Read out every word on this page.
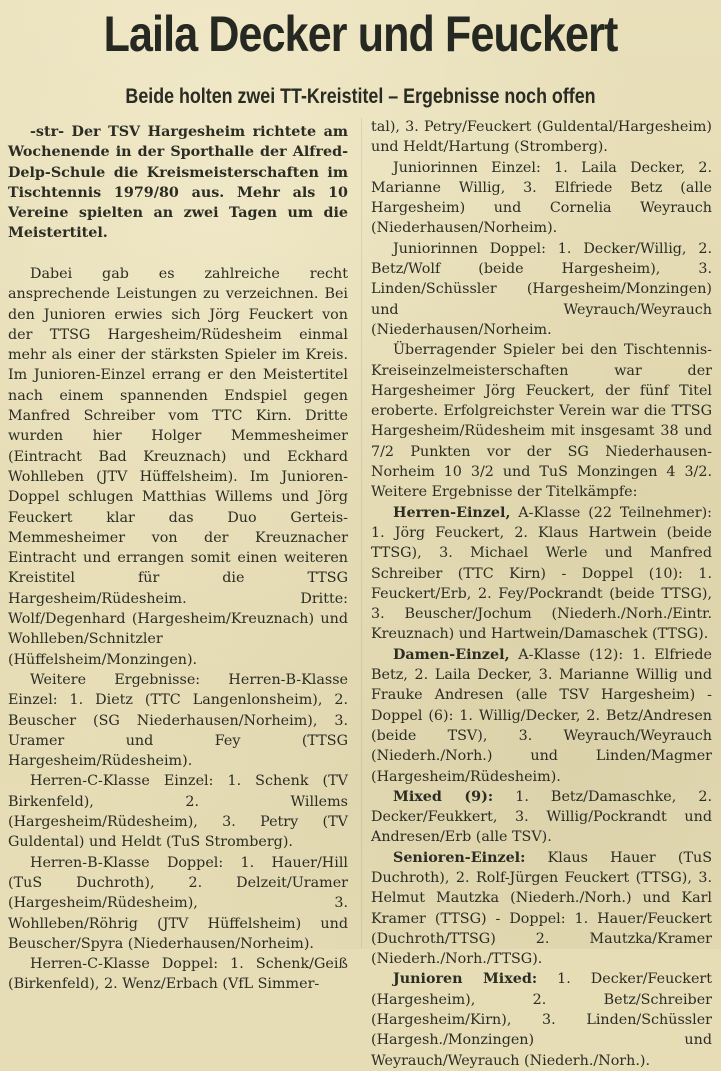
Laila Decker und Feuckert
Beide holten zwei TT-Kreistitel – Ergebnisse noch offen

-str- Der TSV Hargesheim richtete am Wochenende in der Sporthalle der Alfred-Delp-Schule die Kreismeisterschaften im Tischtennis 1979/80 aus. Mehr als 10 Vereine spielten an zwei Tagen um die Meistertitel.

Dabei gab es zahlreiche recht ansprechende Leistungen zu verzeichnen. Bei den Junioren erwies sich Jörg Feuckert von der TTSG Hargesheim/Rüdesheim einmal mehr als einer der stärksten Spieler im Kreis. Im Junioren-Einzel errang er den Meistertitel nach einem spannenden Endspiel gegen Manfred Schreiber vom TTC Kirn. Dritte wurden hier Holger Memmesheimer (Eintracht Bad Kreuznach) und Eckhard Wohlleben (JTV Hüffelsheim). Im Junioren-Doppel schlugen Matthias Willems und Jörg Feuckert klar das Duo Gerteis-Memmesheimer von der Kreuznacher Eintracht und errangen somit einen weiteren Kreistitel für die TTSG Hargesheim/Rüdesheim. Dritte: Wolf/Degenhard (Hargesheim/Kreuznach) und Wohlleben/Schnitzler (Hüffelsheim/Monzingen).

Weitere Ergebnisse: Herren-B-Klasse Einzel: 1. Dietz (TTC Langenlonsheim), 2. Beuscher (SG Niederhausen/Norheim), 3. Uramer und Fey (TTSG Hargesheim/Rüdesheim).

Herren-C-Klasse Einzel: 1. Schenk (TV Birkenfeld), 2. Willems (Hargesheim/Rüdesheim), 3. Petry (TV Guldental) und Heldt (TuS Stromberg).

Herren-B-Klasse Doppel: 1. Hauer/Hill (TuS Duchroth), 2. Delzeit/Uramer (Hargesheim/Rüdesheim), 3. Wohlleben/Röhrig (JTV Hüffelsheim) und Beuscher/Spyra (Niederhausen/Norheim).

Herren-C-Klasse Doppel: 1. Schenk/Geiß (Birkenfeld), 2. Wenz/Erbach (VfL Simmer-

tal), 3. Petry/Feuckert (Guldental/Hargesheim) und Heldt/Hartung (Stromberg).

Juniorinnen Einzel: 1. Laila Decker, 2. Marianne Willig, 3. Elfriede Betz (alle Hargesheim) und Cornelia Weyrauch (Niederhausen/Norheim).

Juniorinnen Doppel: 1. Decker/Willig, 2. Betz/Wolf (beide Hargesheim), 3. Linden/Schüssler (Hargesheim/Monzingen) und Weyrauch/Weyrauch (Niederhausen/Norheim.

Überragender Spieler bei den Tischtennis-Kreiseinzelmeisterschaften war der Hargesheimer Jörg Feuckert, der fünf Titel eroberte. Erfolgreichster Verein war die TTSG Hargesheim/Rüdesheim mit insgesamt 38 und 7/2 Punkten vor der SG Niederhausen-Norheim 10 3/2 und TuS Monzingen 4 3/2. Weitere Ergebnisse der Titelkämpfe:

Herren-Einzel, A-Klasse (22 Teilnehmer): 1. Jörg Feuckert, 2. Klaus Hartwein (beide TTSG), 3. Michael Werle und Manfred Schreiber (TTC Kirn) - Doppel (10): 1. Feuckert/Erb, 2. Fey/Pockrandt (beide TTSG), 3. Beuscher/Jochum (Niederh./Norh./Eintr. Kreuznach) und Hartwein/Damaschek (TTSG).

Damen-Einzel, A-Klasse (12): 1. Elfriede Betz, 2. Laila Decker, 3. Marianne Willig und Frauke Andresen (alle TSV Hargesheim) - Doppel (6): 1. Willig/Decker, 2. Betz/Andresen (beide TSV), 3. Weyrauch/Weyrauch (Niederh./Norh.) und Linden/Magmer (Hargesheim/Rüdesheim).

Mixed (9): 1. Betz/Damaschke, 2. Decker/Feukkert, 3. Willig/Pockrandt und Andresen/Erb (alle TSV).

Senioren-Einzel: Klaus Hauer (TuS Duchroth), 2. Rolf-Jürgen Feuckert (TTSG), 3. Helmut Mautzka (Niederh./Norh.) und Karl Kramer (TTSG) - Doppel: 1. Hauer/Feuckert (Duchroth/TTSG) 2. Mautzka/Kramer (Niederh./Norh./TTSG).

Junioren Mixed: 1. Decker/Feuckert (Hargesheim), 2. Betz/Schreiber (Hargesheim/Kirn), 3. Linden/Schüssler (Hargesh./Monzingen) und Weyrauch/Weyrauch (Niederh./Norh.).
